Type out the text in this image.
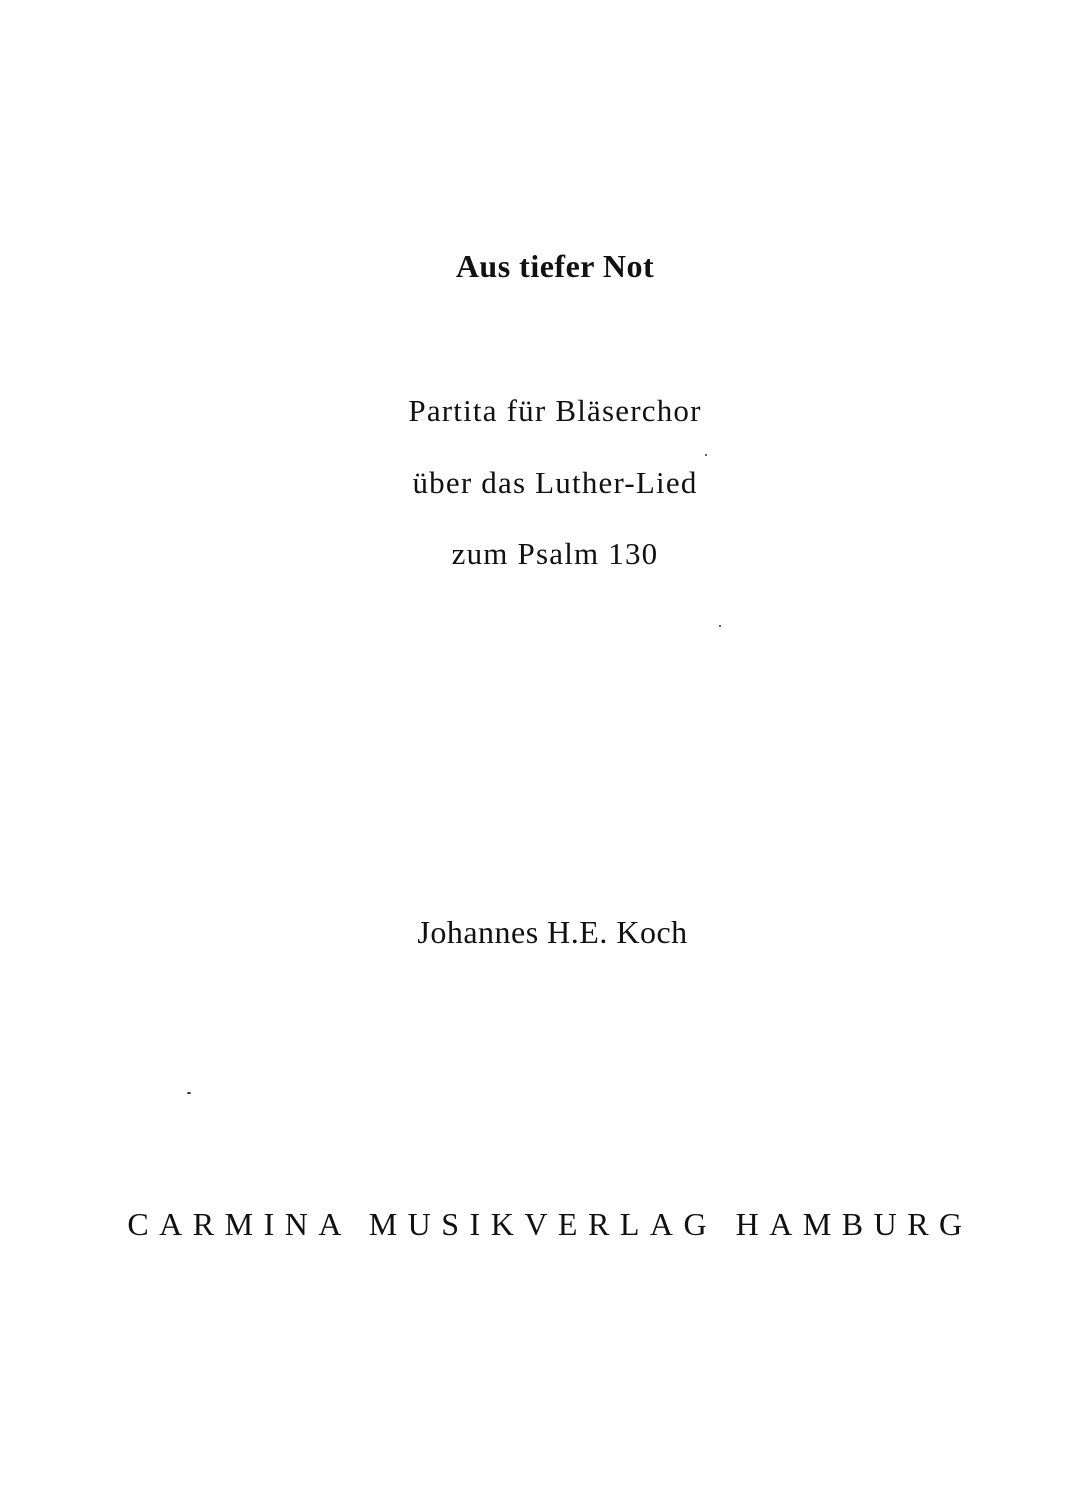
Aus tiefer Not
Partita für Bläserchor
über das Luther-Lied
zum Psalm 130
Johannes H.E. Koch
CARMINA MUSIKVERLAG HAMBURG
